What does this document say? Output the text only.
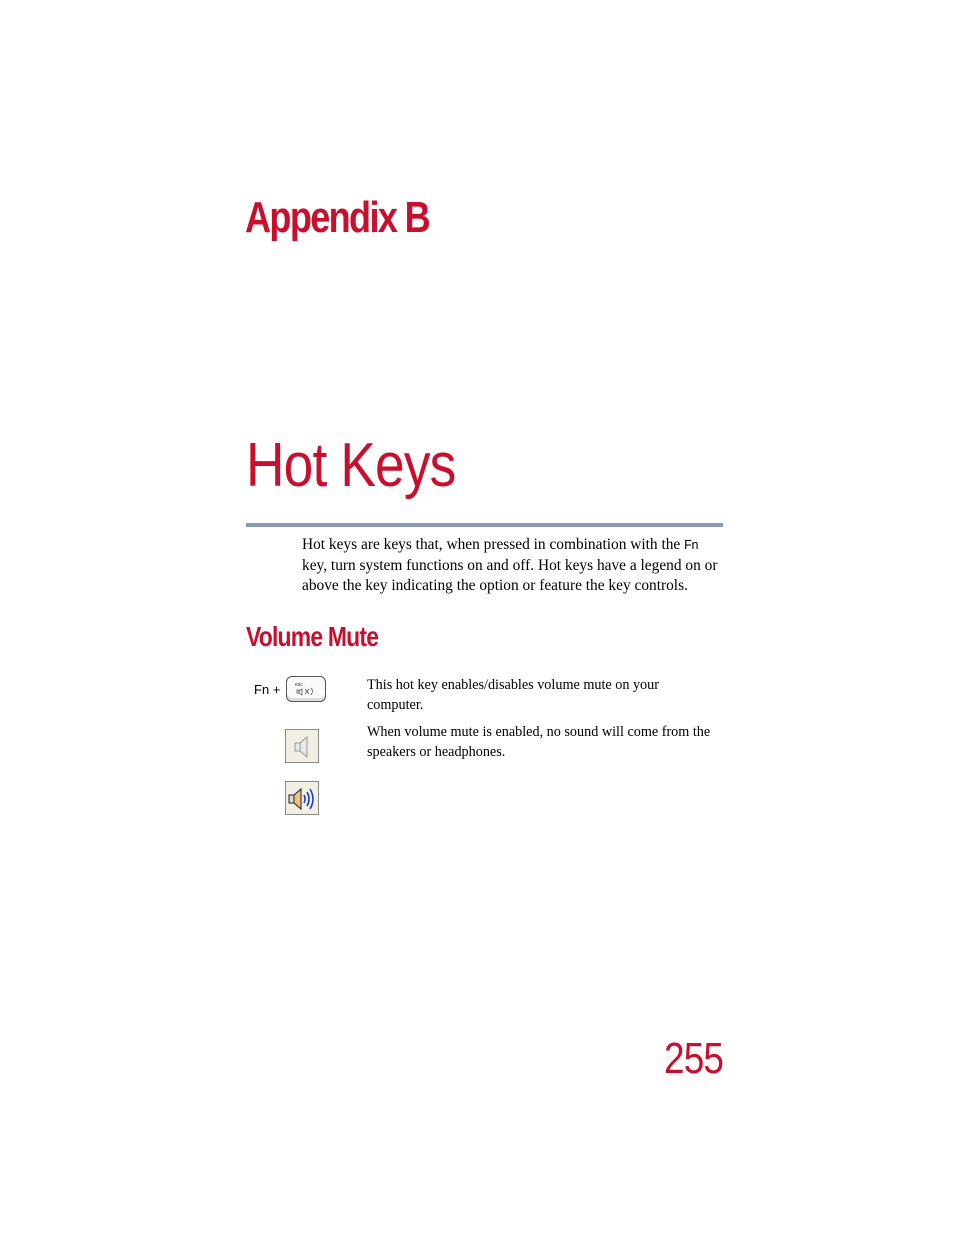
Appendix B
Hot Keys

Hot keys are keys that, when pressed in combination with the Fn key, turn system functions on and off. Hot keys have a legend on or above the key indicating the option or feature the key controls.

Volume Mute
Fn +	esc	This hot key enables/disables volume mute on your computer.

When volume mute is enabled, no sound will come from the speakers or headphones.

255
